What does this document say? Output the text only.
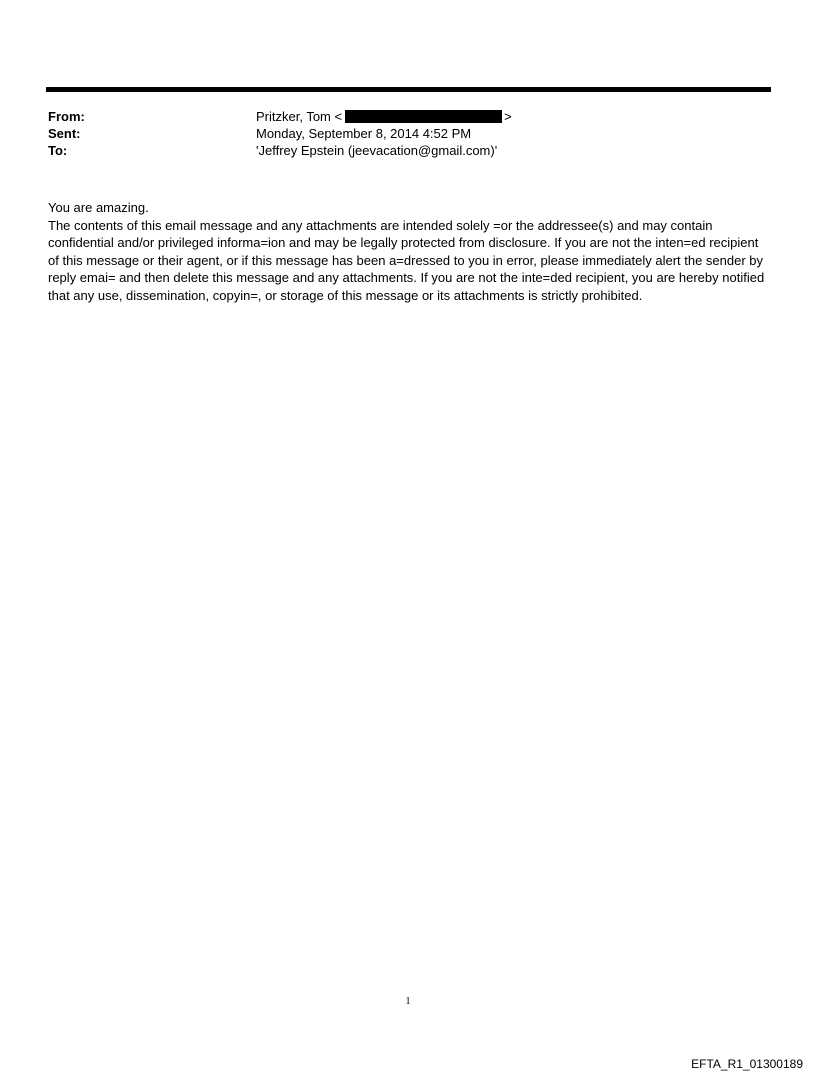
From:	Pritzker, Tom <	>
Sent:	Monday, September 8, 2014 4:52 PM
To:	'Jeffrey Epstein (jeevacation@gmail.com)'

You are amazing.

The contents of this email message and any attachments are intended solely =or the addressee(s) and may contain confidential and/or privileged informa=ion and may be legally protected from disclosure. If you are not the inten=ed recipient of this message or their agent, or if this message has been a=dressed to you in error, please immediately alert the sender by reply emai= and then delete this message and any attachments. If you are not the inte=ded recipient, you are hereby notified that any use, dissemination, copyin=, or storage of this message or its attachments is strictly prohibited.

1
EFTA_R1_01300189
